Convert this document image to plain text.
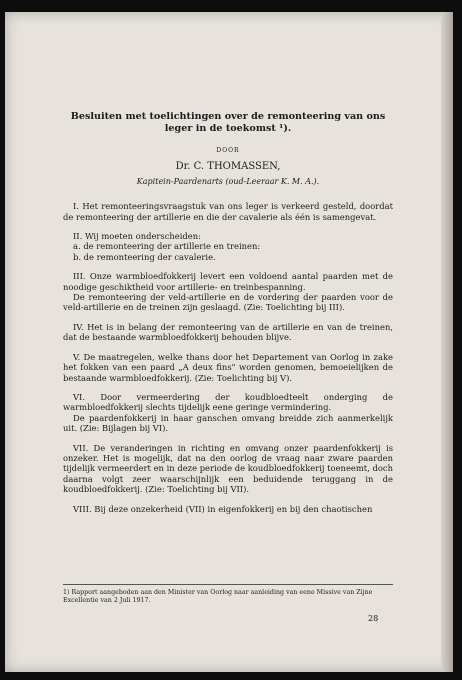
Besluiten met toelichtingen over de remonteering van ons leger in de toekomst ¹).
DOOR
Dr. C. THOMASSEN,
Kapitein-Paardenarts (oud-Leeraar K. M. A.).

I. Het remonteeringsvraagstuk van ons leger is verkeerd gesteld, doordat de remonteering der artillerie en die der cavalerie als één is samengevat.

II. Wij moeten onderscheiden:
a. de remonteering der artillerie en treinen:
b. de remonteering der cavalerie.

III. Onze warmbloedfokkerij levert een voldoend aantal paarden met de noodige geschiktheid voor artillerie- en treinbespanning.

De remonteering der veld-artillerie en de vordering der paarden voor de veld-artillerie en de treinen zijn geslaagd. (Zie: Toelichting bij III).

IV. Het is in belang der remonteering van de artillerie en van de treinen, dat de bestaande warmbloedfokkerij behouden blijve.

V. De maatregelen, welke thans door het Departement van Oorlog in zake het fokken van een paard „A deux fins" worden genomen, bemoeielijken de bestaande warmbloedfokkerij. (Zie: Toelichting bij V).

VI. Door vermeerdering der koudbloedteelt onderging de warmbloedfokkerij slechts tijdelijk eene geringe vermindering.

De paardenfokkerij in haar ganschen omvang breidde zich aanmerkelijk uit. (Zie: Bijlagen bij VI).

VII. De veranderingen in richting en omvang onzer paardenfokkerij is onzeker. Het is mogelijk, dat na den oorlog de vraag naar zware paarden tijdelijk vermeerdert en in deze periode de koudbloedfokkerij toeneemt, doch daarna volgt zeer waarschijnlijk een beduidende teruggang in de koudbloedfokkerij. (Zie: Toelichting bij VII).

VIII. Bij deze onzekerheid (VII) in eigenfokkerij en bij den chaotischen

1) Rapport aangeboden aan den Minister van Oorlog naar aanleiding van eene Missive van Zijne Excellentie van 2 Juli 1917.
28
